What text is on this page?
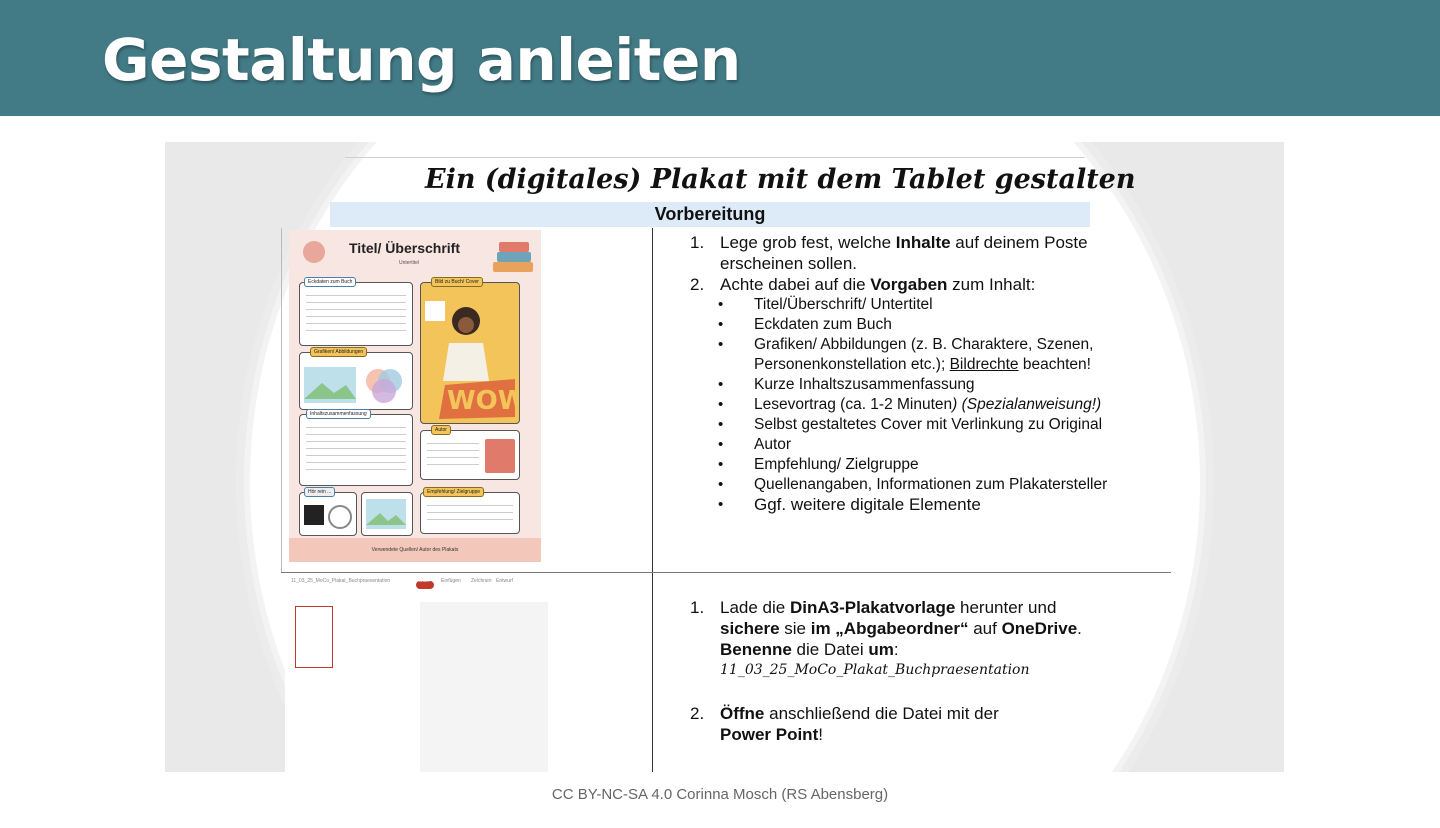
Gestaltung anleiten
Ein (digitales) Plakat mit dem Tablet gestalten
Vorbereitung
Titel/ Überschrift
Untertitel
Eckdaten zum Buch	Bild zu Buch/ Cover
WOW
Grafiken/ Abbildungen
Inhaltszusammenfassung
Autor
Hör rein ...	Empfehlung/ Zielgruppe
Verwendete Quellen/ Autor des Plakats
11_03_25_MoCo_Plakat_Buchpraesentation	Start Einfügen Zeichnen Entwurf
1. Lege grob fest, welche Inhalte auf deinem Poste
erscheinen sollen.
2. Achte dabei auf die Vorgaben zum Inhalt:
• Titel/Überschrift/ Untertitel
• Eckdaten zum Buch
• Grafiken/ Abbildungen (z. B. Charaktere, Szenen,
Personenkonstellation etc.); Bildrechte beachten!
• Kurze Inhaltszusammenfassung
• Lesevortrag (ca. 1-2 Minuten) (Spezialanweisung!)
• Selbst gestaltetes Cover mit Verlinkung zu Original
• Autor
• Empfehlung/ Zielgruppe
• Quellenangaben, Informationen zum Plakatersteller
• Ggf. weitere digitale Elemente
1. Lade die DinA3-Plakatvorlage herunter und
sichere sie im „Abgabeordner“ auf OneDrive.
Benenne die Datei um:
11_03_25_MoCo_Plakat_Buchpraesentation
2. Öffne anschließend die Datei mit der
Power Point!
CC BY-NC-SA 4.0 Corinna Mosch (RS Abensberg)
